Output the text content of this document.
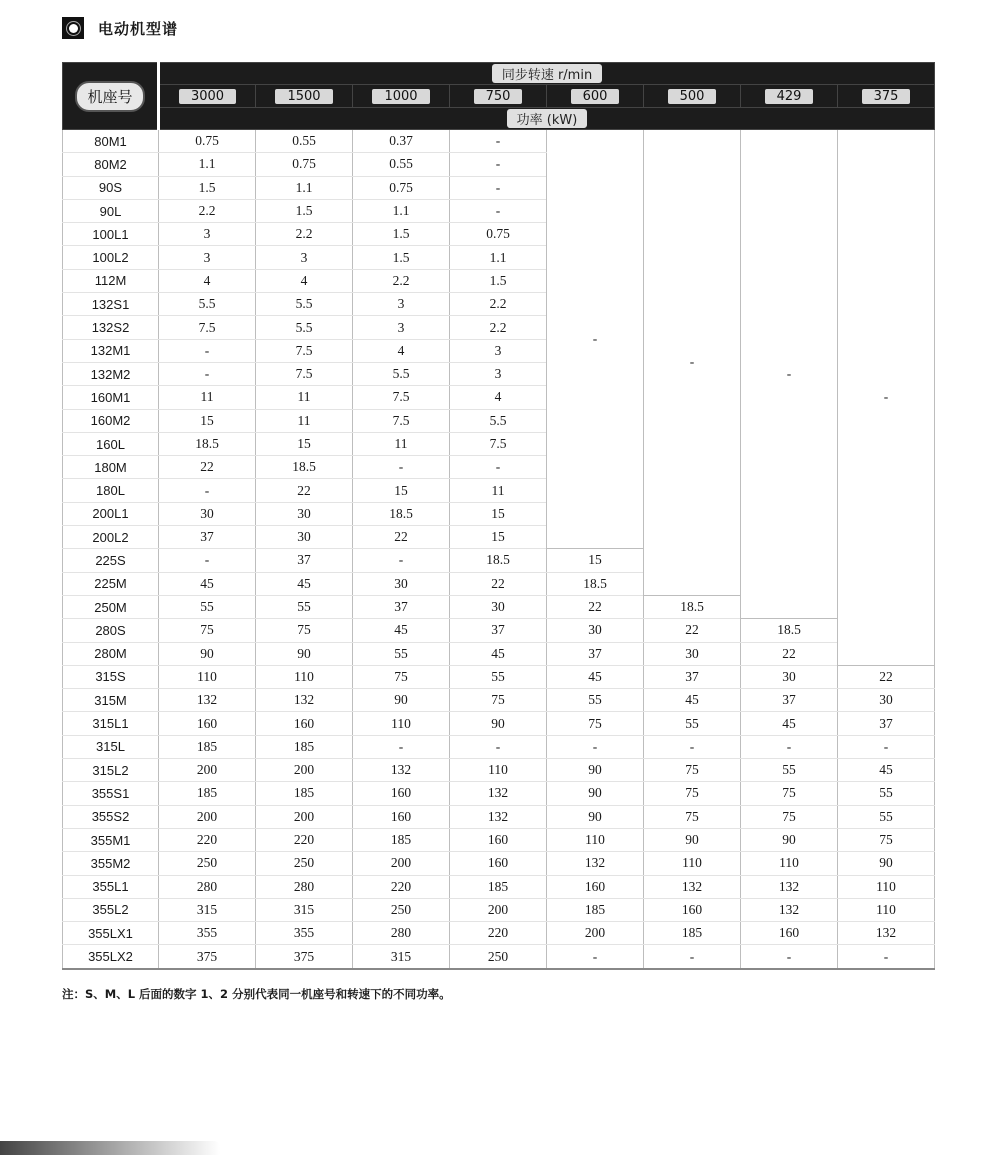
电动机型谱
机座号	同步转速 r/min							
	3000	1500	1000	750	600	500	429	375
	功率 (kW)							
80M1	0.75	0.55	0.37	-	-	-	-	-
80M2	1.1	0.75	0.55	-				
90S	1.5	1.1	0.75	-				
90L	2.2	1.5	1.1	-				
100L1	3	2.2	1.5	0.75				
100L2	3	3	1.5	1.1				
112M	4	4	2.2	1.5				
132S1	5.5	5.5	3	2.2				
132S2	7.5	5.5	3	2.2				
132M1	-	7.5	4	3				
132M2	-	7.5	5.5	3				
160M1	11	11	7.5	4				
160M2	15	11	7.5	5.5				
160L	18.5	15	11	7.5				
180M	22	18.5	-	-				
180L	-	22	15	11				
200L1	30	30	18.5	15				
200L2	37	30	22	15				
225S	-	37	-	18.5	15			
225M	45	45	30	22	18.5			
250M	55	55	37	30	22	18.5		
280S	75	75	45	37	30	22	18.5	
280M	90	90	55	45	37	30	22	
315S	110	110	75	55	45	37	30	22
315M	132	132	90	75	55	45	37	30
315L1	160	160	110	90	75	55	45	37
315L	185	185	-	-	-	-	-	-
315L2	200	200	132	110	90	75	55	45
355S1	185	185	160	132	90	75	75	55
355S2	200	200	160	132	90	75	75	55
355M1	220	220	185	160	110	90	90	75
355M2	250	250	200	160	132	110	110	90
355L1	280	280	220	185	160	132	132	110
355L2	315	315	250	200	185	160	132	110
355LX1	355	355	280	220	200	185	160	132
355LX2	375	375	315	250	-	-	-	-
注：S、M、L 后面的数字 1、2 分别代表同一机座号和转速下的不同功率。
